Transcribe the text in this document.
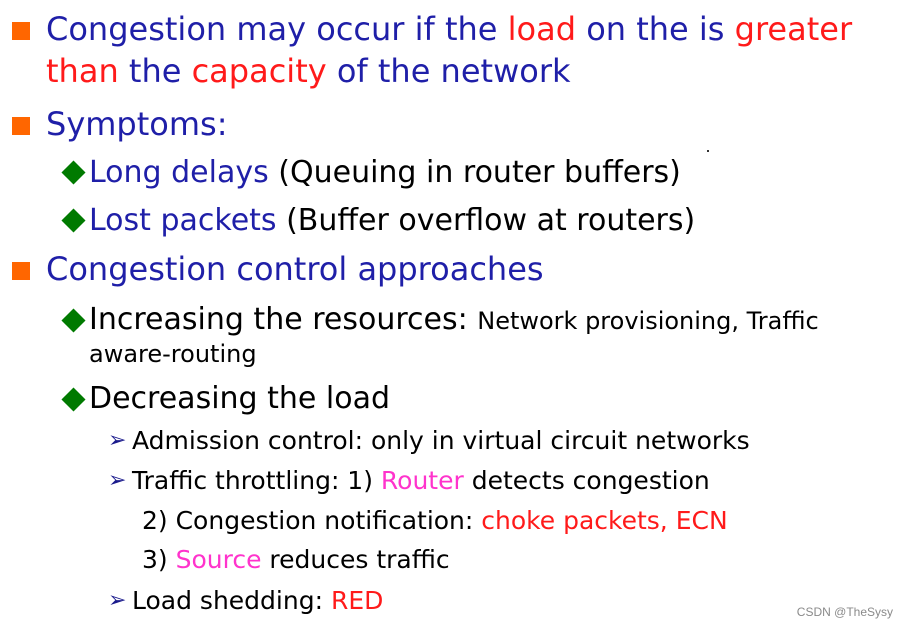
Congestion may occur if the load on the is greater
than the capacity of the network
Symptoms:
Long delays (Queuing in router buffers)
Lost packets (Buffer overflow at routers)
Congestion control approaches
Increasing the resources: Network provisioning, Traffic
aware-routing
Decreasing the load
➢ Admission control: only in virtual circuit networks
➢ Traffic throttling: 1) Router detects congestion
2) Congestion notification: choke packets, ECN
3) Source reduces traffic
➢ Load shedding: RED	CSDN @TheSysy
